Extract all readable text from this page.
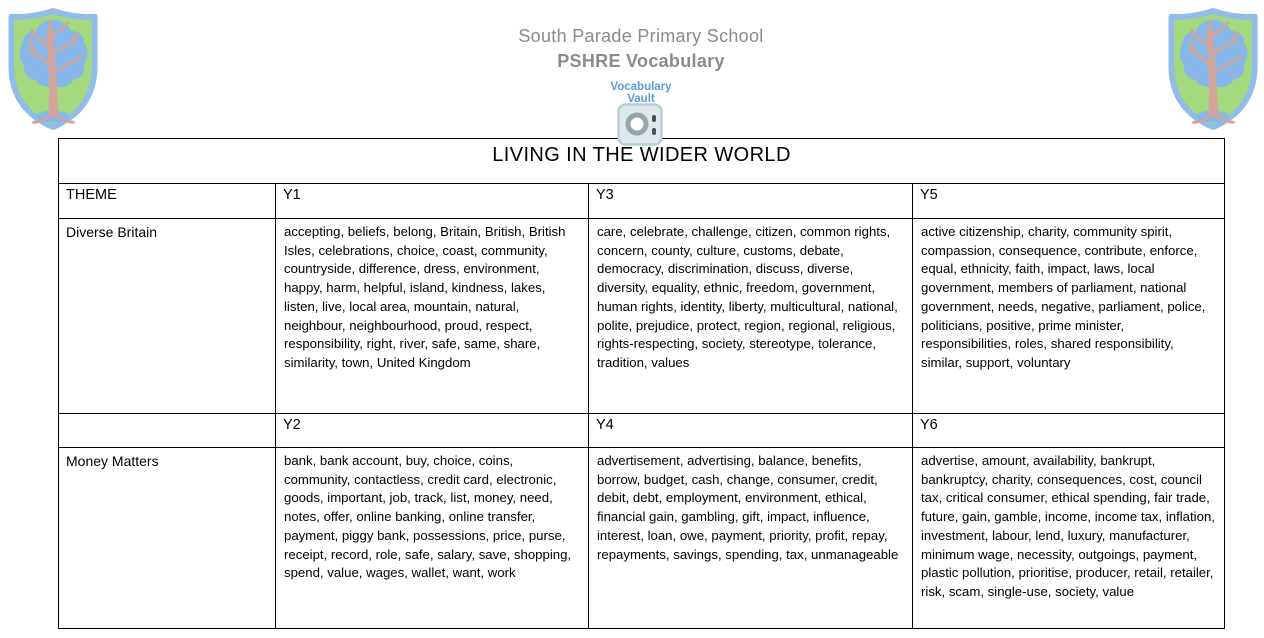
South Parade Primary School
PSHRE Vocabulary
Vocabulary
Vault
LIVING IN THE WIDER WORLD			
THEME	Y1	Y3	Y5
Diverse Britain	accepting, beliefs, belong, Britain, British, British Isles, celebrations, choice, coast, community, countryside, difference, dress, environment, happy, harm, helpful, island, kindness, lakes, listen, live, local area, mountain, natural, neighbour, neighbourhood, proud, respect, responsibility, right, river, safe, same, share, similarity, town, United Kingdom	care, celebrate, challenge, citizen, common rights, concern, county, culture, customs, debate, democracy, discrimination, discuss, diverse, diversity, equality, ethnic, freedom, government, human rights, identity, liberty, multicultural, national, polite, prejudice, protect, region, regional, religious, rights-respecting, society, stereotype, tolerance, tradition, values	active citizenship, charity, community spirit, compassion, consequence, contribute, enforce, equal, ethnicity, faith, impact, laws, local government, members of parliament, national government, needs, negative, parliament, police, politicians, positive, prime minister, responsibilities, roles, shared responsibility, similar, support, voluntary
	Y2	Y4	Y6
Money Matters	bank, bank account, buy, choice, coins, community, contactless, credit card, electronic, goods, important, job, track, list, money, need, notes, offer, online banking, online transfer, payment, piggy bank, possessions, price, purse, receipt, record, role, safe, salary, save, shopping, spend, value, wages, wallet, want, work	advertisement, advertising, balance, benefits, borrow, budget, cash, change, consumer, credit, debit, debt, employment, environment, ethical, financial gain, gambling, gift, impact, influence, interest, loan, owe, payment, priority, profit, repay, repayments, savings, spending, tax, unmanageable	advertise, amount, availability, bankrupt, bankruptcy, charity, consequences, cost, council tax, critical consumer, ethical spending, fair trade, future, gain, gamble, income, income tax, inflation, investment, labour, lend, luxury, manufacturer, minimum wage, necessity, outgoings, payment, plastic pollution, prioritise, producer, retail, retailer, risk, scam, single-use, society, value
